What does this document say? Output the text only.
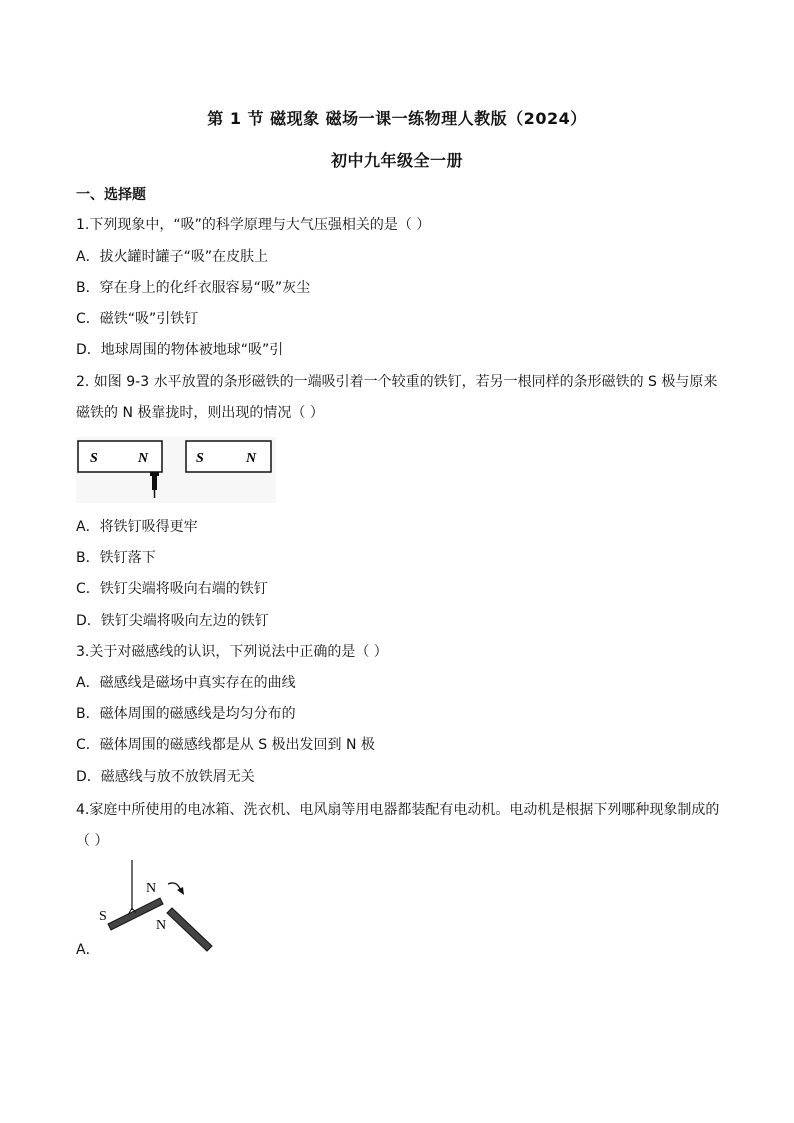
第 1 节 磁现象 磁场一课一练物理人教版（2024）
初中九年级全一册
一、选择题
1.下列现象中，“吸”的科学原理与大气压强相关的是（ ）
A．拔火罐时罐子“吸”在皮肤上
B．穿在身上的化纤衣服容易“吸”灰尘
C．磁铁“吸”引铁钉
D．地球周围的物体被地球“吸”引
2. 如图 9-3 水平放置的条形磁铁的一端吸引着一个较重的铁钉，若另一根同样的条形磁铁的 S 极与原来磁铁的 N 极靠拢时，则出现的情况（ ）
S	N	S	N
A．将铁钉吸得更牢
B．铁钉落下
C．铁钉尖端将吸向右端的铁钉
D．铁钉尖端将吸向左边的铁钉
3.关于对磁感线的认识，下列说法中正确的是（ ）
A．磁感线是磁场中真实存在的曲线
B．磁体周围的磁感线是均匀分布的
C．磁体周围的磁感线都是从 S 极出发回到 N 极
D．磁感线与放不放铁屑无关
4.家庭中所使用的电冰箱、洗衣机、电风扇等用电器都装配有电动机。电动机是根据下列哪种现象制成的（ ）
N
S
N
A．
